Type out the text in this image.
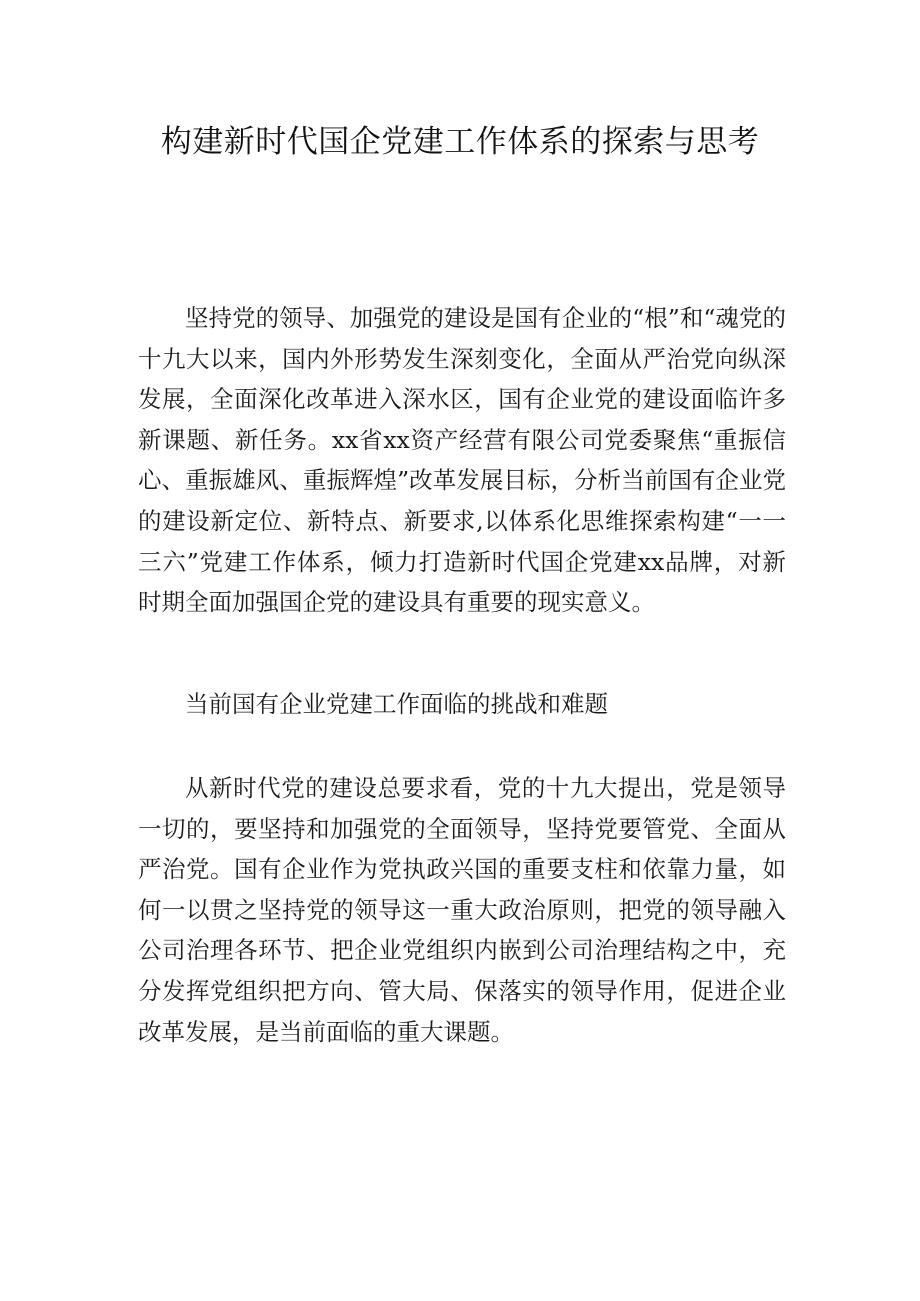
构建新时代国企党建工作体系的探索与思考

坚持党的领导、加强党的建设是国有企业的“根”和“魂党的十九大以来，国内外形势发生深刻变化，全面从严治党向纵深发展，全面深化改革进入深水区，国有企业党的建设面临许多新课题、新任务。xx省xx资产经营有限公司党委聚焦“重振信心、重振雄风、重振辉煌”改革发展目标，分析当前国有企业党的建设新定位、新特点、新要求,以体系化思维探索构建“一一三六”党建工作体系，倾力打造新时代国企党建xx品牌，对新时期全面加强国企党的建设具有重要的现实意义。

当前国有企业党建工作面临的挑战和难题

从新时代党的建设总要求看，党的十九大提出，党是领导一切的，要坚持和加强党的全面领导，坚持党要管党、全面从严治党。国有企业作为党执政兴国的重要支柱和依靠力量，如何一以贯之坚持党的领导这一重大政治原则，把党的领导融入公司治理各环节、把企业党组织内嵌到公司治理结构之中，充分发挥党组织把方向、管大局、保落实的领导作用，促进企业改革发展，是当前面临的重大课题。
